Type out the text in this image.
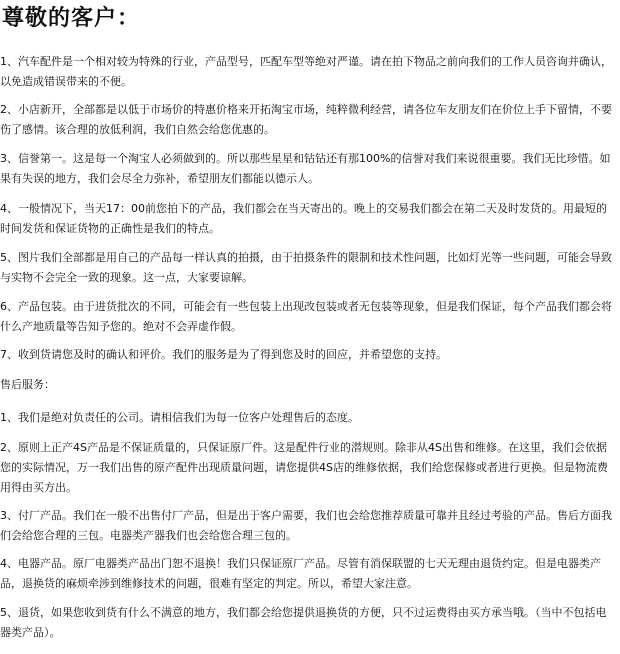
尊敬的客户：

1、汽车配件是一个相对较为特殊的行业，产品型号，匹配车型等绝对严谨。请在拍下物品之前向我们的工作人员咨询并确认，以免造成错误带来的不便。

2、小店新开，全部都是以低于市场价的特惠价格来开拓淘宝市场，纯粹微利经营，请各位车友朋友们在价位上手下留情，不要伤了感情。该合理的放低利润，我们自然会给您优惠的。

3、信誉第一。这是每一个淘宝人必须做到的。所以那些星星和钻钻还有那100%的信誉对我们来说很重要。我们无比珍惜。如果有失误的地方，我们会尽全力弥补，希望朋友们都能以德示人。

4、一般情况下，当天17：00前您拍下的产品，我们都会在当天寄出的。晚上的交易我们都会在第二天及时发货的。用最短的时间发货和保证货物的正确性是我们的特点。

5、图片我们全部都是用自己的产品每一样认真的拍摄，由于拍摄条件的限制和技术性问题，比如灯光等一些问题，可能会导致与实物不会完全一致的现象。这一点，大家要谅解。

6、产品包装。由于进货批次的不同，可能会有一些包装上出现改包装或者无包装等现象，但是我们保证，每个产品我们都会将什么产地质量等告知予您的。绝对不会弄虚作假。

7、收到货请您及时的确认和评价。我们的服务是为了得到您及时的回应，并希望您的支持。

售后服务：

1、我们是绝对负责任的公司。请相信我们为每一位客户处理售后的态度。

2、原则上正产4S产品是不保证质量的，只保证原厂件。这是配件行业的潜规则。除非从4S出售和维修。在这里，我们会依据您的实际情况，万一我们出售的原产配件出现质量问题，请您提供4S店的维修依据，我们给您保修或者进行更换。但是物流费用得由买方出。

3、付厂产品。我们在一般不出售付厂产品，但是出于客户需要，我们也会给您推荐质量可靠并且经过考验的产品。售后方面我们会给您合理的三包。电器类产器我们也会给您合理三包的。

4、电器产品。原厂电器类产品出门恕不退换！我们只保证原厂产品。尽管有消保联盟的七天无理由退货约定。但是电器类产品，退换货的麻烦牵涉到维修技术的问题，很难有坚定的判定。所以，希望大家注意。

5、退货，如果您收到货有什么不满意的地方，我们都会给您提供退换货的方便，只不过运费得由买方承当哦。（当中不包括电器类产品）。
